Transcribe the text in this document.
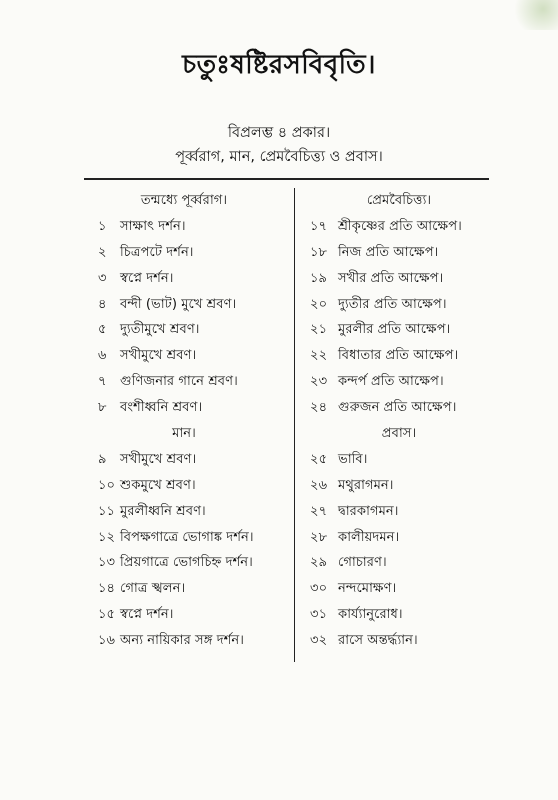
চতুঃষষ্টিরসবিবৃতি।
বিপ্রলম্ভ ৪ প্রকার।
পূর্ব্বরাগ, মান, প্রেমবৈচিত্ত্য ও প্রবাস।
তন্মধ্যে পূর্ব্বরাগ।
১	সাক্ষাৎ দর্শন।
২	চিত্রপটে দর্শন।
৩	স্বপ্নে দর্শন।
৪	বন্দী (ভাট) মুখে শ্রবণ।
৫	দ্যুতীমুখে শ্রবণ।
৬	সখীমুখে শ্রবণ।
৭	গুণিজনার গানে শ্রবণ।
৮	বংশীধ্বনি শ্রবণ।
মান।
৯	সখীমুখে শ্রবণ।
১০ শুকমুখে শ্রবণ।
১১ মুরলীধ্বনি শ্রবণ।
১২ বিপক্ষগাত্রে ভোগাঙ্ক দর্শন।
১৩ প্রিয়গাত্রে ভোগচিহ্ন দর্শন।
১৪ গোত্র স্খলন।
১৫ স্বপ্নে দর্শন।
১৬ অন্য নায়িকার সঙ্গ দর্শন।
প্রেমবৈচিত্ত্য।
১৭ শ্রীকৃষ্ণের প্রতি আক্ষেপ।
১৮ নিজ প্রতি আক্ষেপ।
১৯ সখীর প্রতি আক্ষেপ।
২০ দ্যুতীর প্রতি আক্ষেপ।
২১ মুরলীর প্রতি আক্ষেপ।
২২ বিধাতার প্রতি আক্ষেপ।
২৩ কন্দর্প প্রতি আক্ষেপ।
২৪ গুরুজন প্রতি আক্ষেপ।
প্রবাস।
২৫ ভাবি।
২৬ মথুরাগমন।
২৭ দ্বারকাগমন।
২৮ কালীয়দমন।
২৯ গোচারণ।
৩০ নন্দমোক্ষণ।
৩১ কার্য্যানুরোধ।
৩২ রাসে অন্তর্দ্ধ্যান।
